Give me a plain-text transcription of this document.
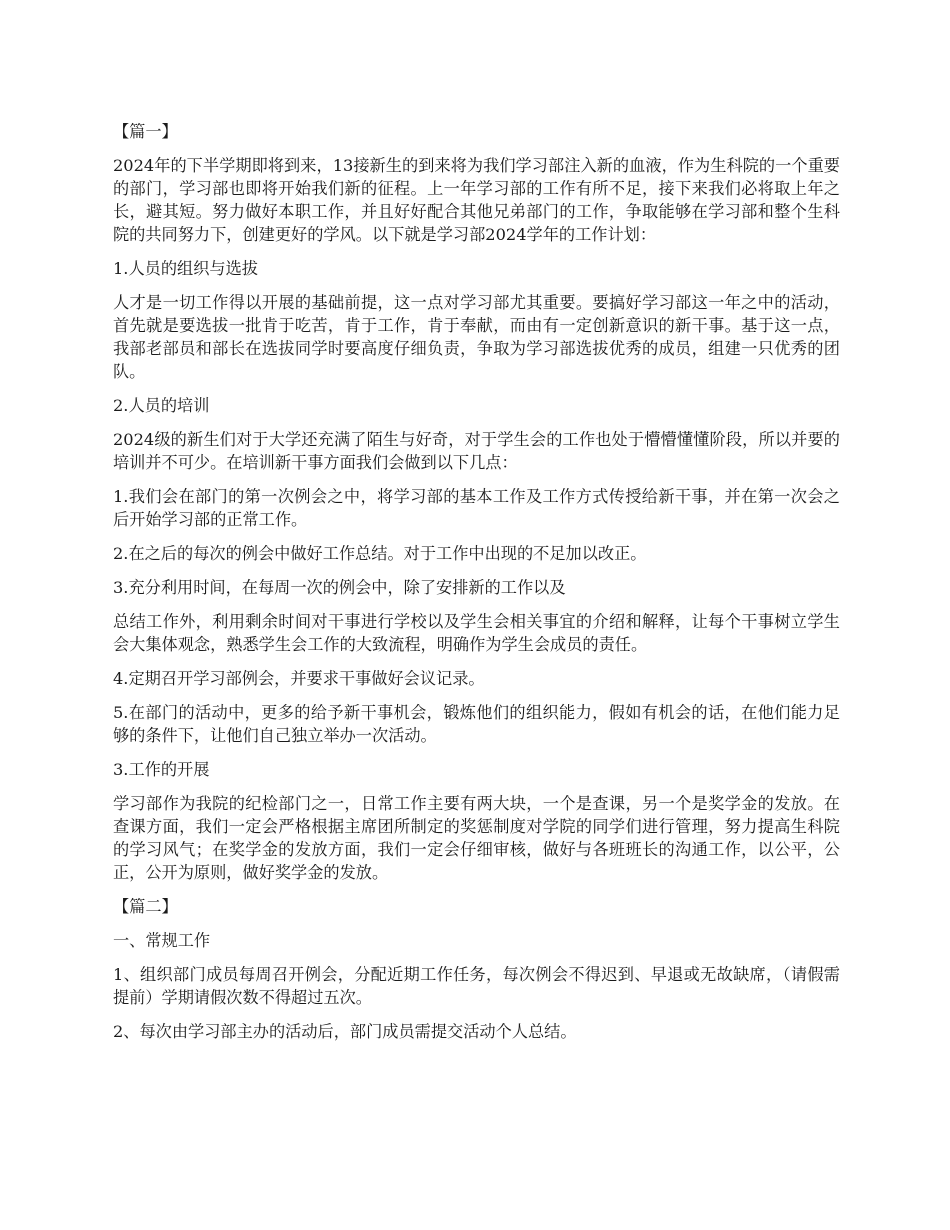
【篇一】

2024年的下半学期即将到来，13接新生的到来将为我们学习部注入新的血液，作为生科院的一个重要的部门，学习部也即将开始我们新的征程。上一年学习部的工作有所不足，接下来我们必将取上年之长，避其短。努力做好本职工作，并且好好配合其他兄弟部门的工作，争取能够在学习部和整个生科院的共同努力下，创建更好的学风。以下就是学习部2024学年的工作计划：

1.人员的组织与选拔

人才是一切工作得以开展的基础前提，这一点对学习部尤其重要。要搞好学习部这一年之中的活动，首先就是要选拔一批肯于吃苦，肯于工作，肯于奉献，而由有一定创新意识的新干事。基于这一点，我部老部员和部长在选拔同学时要高度仔细负责，争取为学习部选拔优秀的成员，组建一只优秀的团队。

2.人员的培训

2024级的新生们对于大学还充满了陌生与好奇，对于学生会的工作也处于懵懵懂懂阶段，所以并要的培训并不可少。在培训新干事方面我们会做到以下几点：

1.我们会在部门的第一次例会之中，将学习部的基本工作及工作方式传授给新干事，并在第一次会之后开始学习部的正常工作。

2.在之后的每次的例会中做好工作总结。对于工作中出现的不足加以改正。

3.充分利用时间，在每周一次的例会中，除了安排新的工作以及

总结工作外，利用剩余时间对干事进行学校以及学生会相关事宜的介绍和解释，让每个干事树立学生会大集体观念，熟悉学生会工作的大致流程，明确作为学生会成员的责任。

4.定期召开学习部例会，并要求干事做好会议记录。

5.在部门的活动中，更多的给予新干事机会，锻炼他们的组织能力，假如有机会的话，在他们能力足够的条件下，让他们自己独立举办一次活动。

3.工作的开展

学习部作为我院的纪检部门之一，日常工作主要有两大块，一个是查课，另一个是奖学金的发放。在查课方面，我们一定会严格根据主席团所制定的奖惩制度对学院的同学们进行管理，努力提高生科院的学习风气；在奖学金的发放方面，我们一定会仔细审核，做好与各班班长的沟通工作，以公平，公正，公开为原则，做好奖学金的发放。

【篇二】

一、常规工作

1、组织部门成员每周召开例会，分配近期工作任务，每次例会不得迟到、早退或无故缺席，（请假需提前）学期请假次数不得超过五次。

2、每次由学习部主办的活动后，部门成员需提交活动个人总结。
